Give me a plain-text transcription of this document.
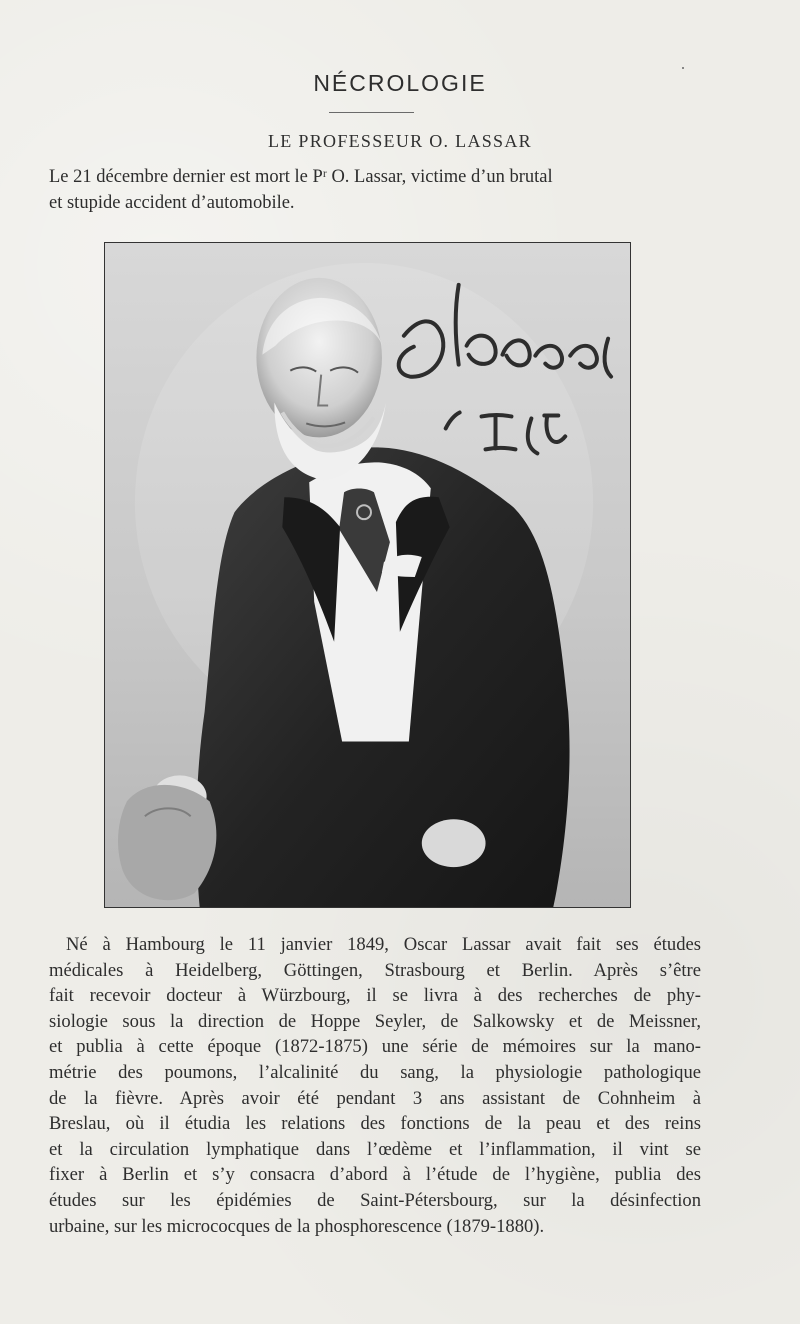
NÉCROLOGIE
LE PROFESSEUR O. LASSAR
Le 21 décembre dernier est mort le Pʳ O. Lassar, victime d’un brutal
et stupide accident d’automobile.
Lassar
1. I. 05
Né à Hambourg le 11 janvier 1849, Oscar Lassar avait fait ses études
médicales à Heidelberg, Göttingen, Strasbourg et Berlin. Après s’être
fait recevoir docteur à Würzbourg, il se livra à des recherches de phy-
siologie sous la direction de Hoppe Seyler, de Salkowsky et de Meissner,
et publia à cette époque (1872-1875) une série de mémoires sur la mano-
métrie des poumons, l’alcalinité du sang, la physiologie pathologique
de la fièvre. Après avoir été pendant 3 ans assistant de Cohnheim à
Breslau, où il étudia les relations des fonctions de la peau et des reins
et la circulation lymphatique dans l’œdème et l’inflammation, il vint se
fixer à Berlin et s’y consacra d’abord à l’étude de l’hygiène, publia des
études sur les épidémies de Saint-Pétersbourg, sur la désinfection
urbaine, sur les micrococques de la phosphorescence (1879-1880).
